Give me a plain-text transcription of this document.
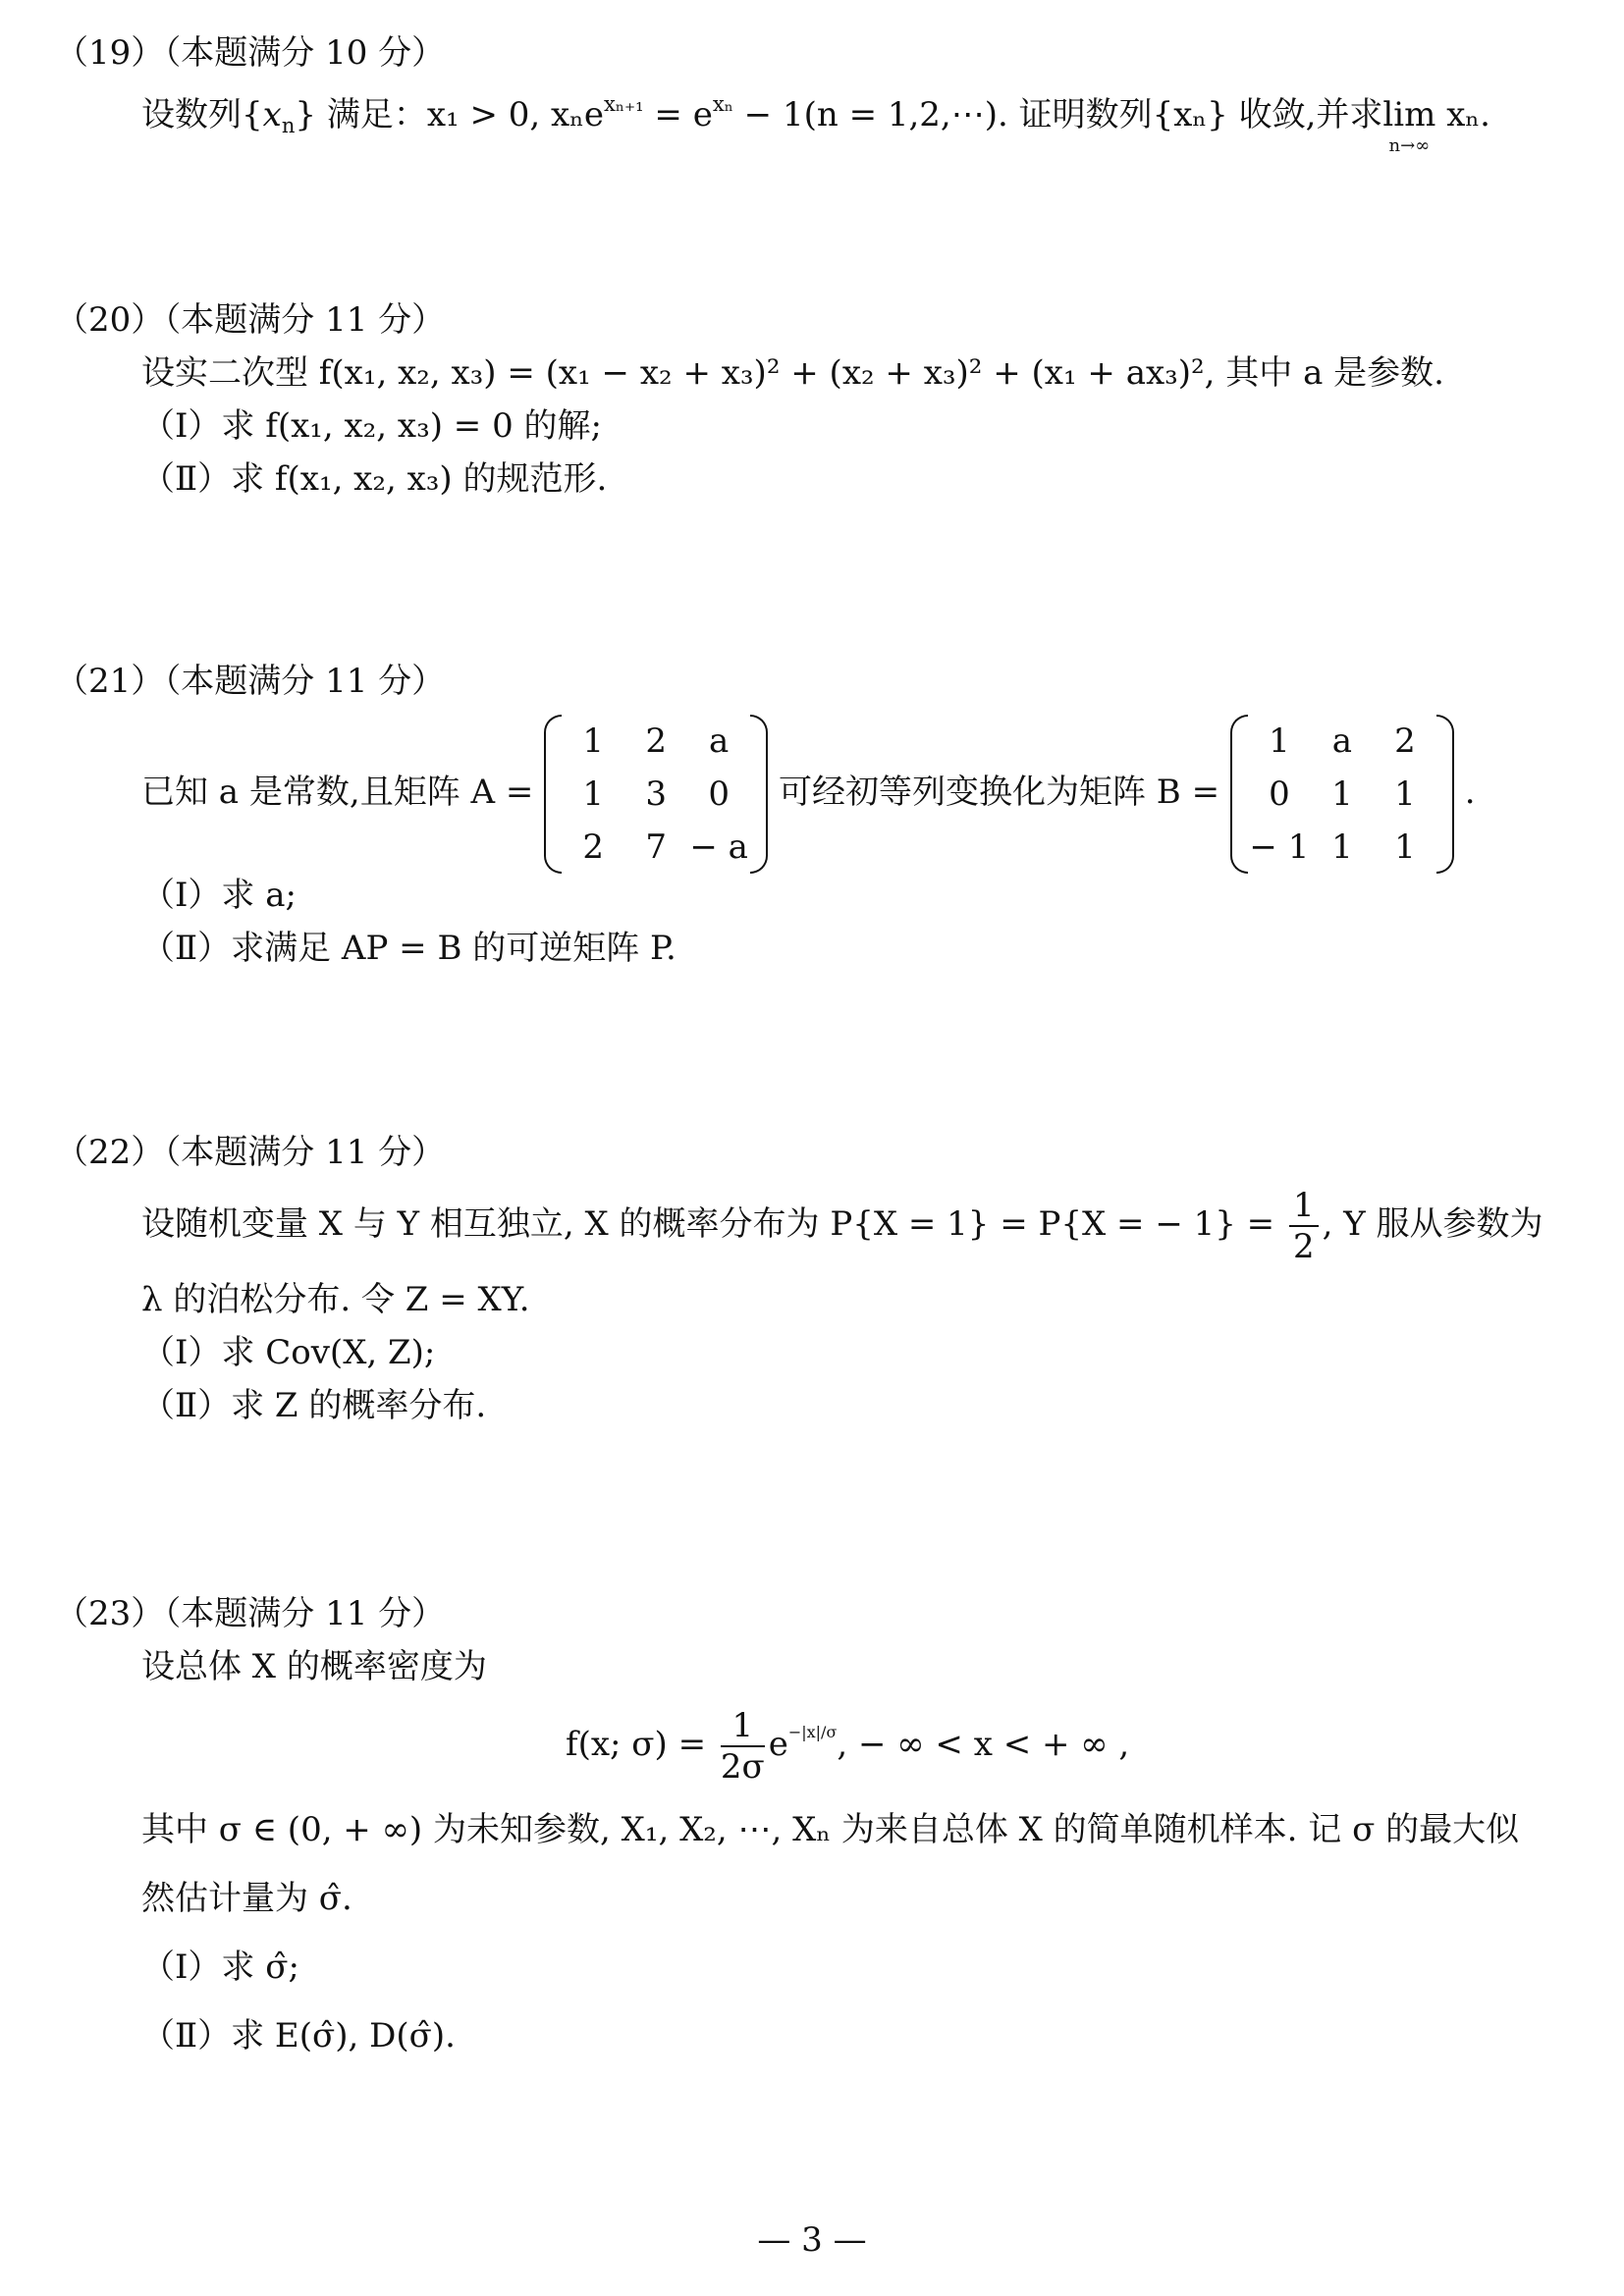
（19）（本题满分 10 分）
设数列$\{x_n\}$ 满足：x₁ > 0, $x_ne^{x_{n+1}} = e^{x_n} - 1(n$ = 1,2,⋯). 证明数列{xₙ} 收敛,并求lim
n→∞
xₙ.
（20）（本题满分 11 分）
设实二次型 f(x₁, x₂, x₃) = (x₁ − x₂ + x₃)² + (x₂ + x₃)² + (x₁ + ax₃)², 其中 a 是参数.
（Ⅰ）求 f(x₁, x₂, x₃) = 0 的解;
（Ⅱ）求 f(x₁, x₂, x₃) 的规范形.
（21）（本题满分 11 分）
已知 a 是常数,且矩阵 A =
1	2	a
1	3	0
2	7	− a
可经初等列变换化为矩阵 B =
1	a	2
0	1	1
− 1	1	1
.
（Ⅰ）求 a;
（Ⅱ）求满足 AP = B 的可逆矩阵 P.
（22）（本题满分 11 分）
设随机变量 X 与 Y 相互独立, X 的概率分布为 P{X = 1} = P{X = − $1\} = \frac{1}{2}$ , Y 服从参数为
λ 的泊松分布. 令 Z = XY.
（Ⅰ）求 Cov(X, Z);
（Ⅱ）求 Z 的概率分布.
（23）（本题满分 11 分）
设总体 X 的概率密度为
f(x; $\sigma) = \frac{1}{2\sigma} e^{-|x|/\sigma}$, − ∞ < x < + ∞ ,
其中 σ ∈ (0, + ∞) 为未知参数, X₁, X₂, ⋯, Xₙ 为来自总体 X 的简单随机样本. 记 σ 的最大似
然估计量为 σ̂.
（Ⅰ）求 σ̂;
（Ⅱ）求 E(σ̂), D(σ̂).
— 3 —
